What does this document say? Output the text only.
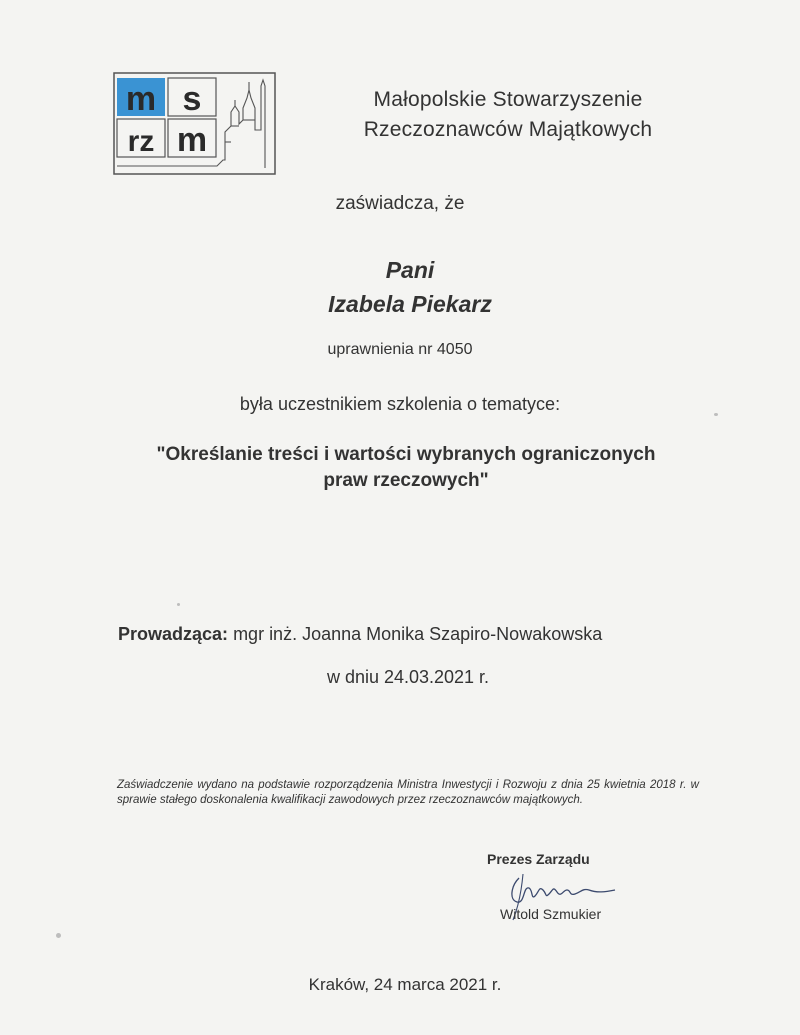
m s
rz m
Małopolskie Stowarzyszenie
Rzeczoznawców Majątkowych
zaświadcza, że
Pani
Izabela Piekarz
uprawnienia nr 4050
była uczestnikiem szkolenia o tematyce:
"Określanie treści i wartości wybranych ograniczonych
praw rzeczowych"
Prowadząca: mgr inż. Joanna Monika Szapiro-Nowakowska
w dniu 24.03.2021 r.
Zaświadczenie wydano na podstawie rozporządzenia Ministra Inwestycji i Rozwoju z dnia 25 kwietnia 2018 r. w sprawie stałego doskonalenia kwalifikacji zawodowych przez rzeczoznawców majątkowych.
Prezes Zarządu
Witold Szmukier
Kraków, 24 marca 2021 r.
